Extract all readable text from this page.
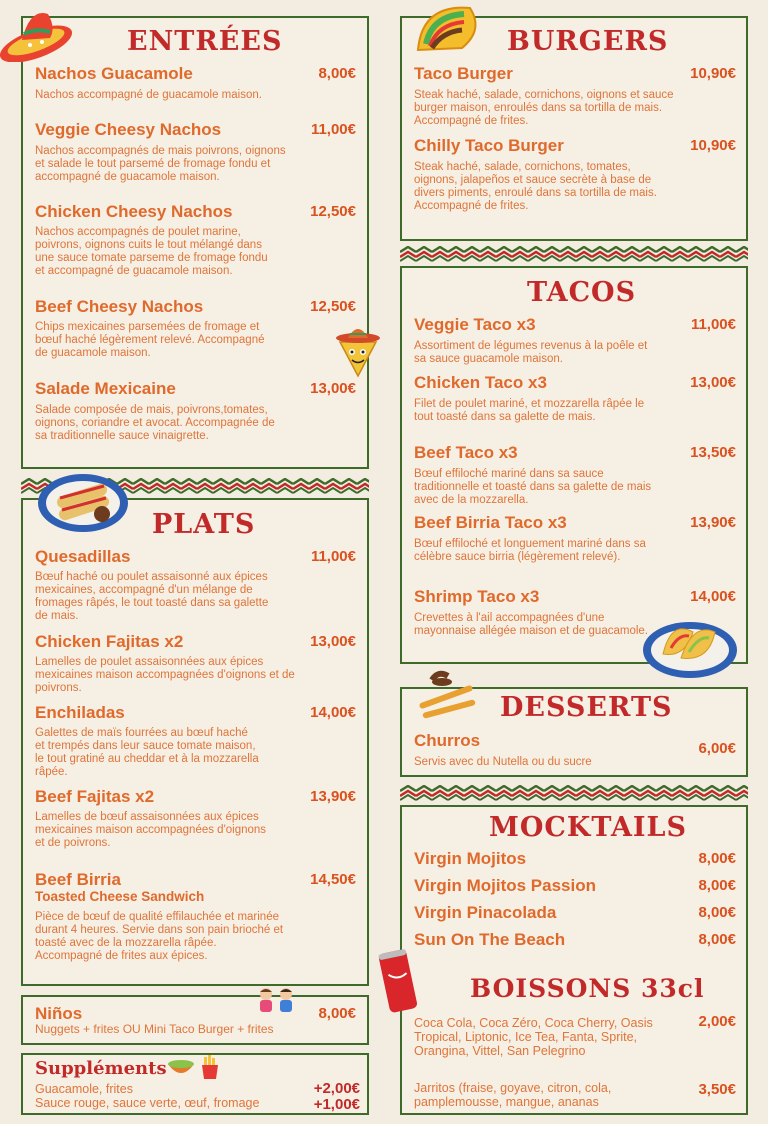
ENTRÉES
Nachos Guacamole	8,00€
Nachos accompagné de guacamole maison.
Veggie Cheesy Nachos	11,00€
Nachos accompagnés de mais poivrons, oignons et salade le tout parsemé de fromage fondu et accompagné de guacamole maison.
Chicken Cheesy Nachos	12,50€
Nachos accompagnés de poulet marine, poivrons, oignons cuits le tout mélangé dans une sauce tomate parseme de fromage fondu et accompagné de guacamole maison.
Beef Cheesy Nachos	12,50€
Chips mexicaines parsemées de fromage et bœuf haché légèrement relevé. Accompagné de guacamole maison.
Salade Mexicaine	13,00€
Salade composée de mais, poivrons,tomates, oignons, coriandre et avocat. Accompagnée de sa traditionnelle sauce vinaigrette.
PLATS
Quesadillas	11,00€
Bœuf haché ou poulet assaisonné aux épices mexicaines, accompagné d'un mélange de fromages râpés, le tout toasté dans sa galette de mais.
Chicken Fajitas x2	13,00€
Lamelles de poulet assaisonnées aux épices mexicaines maison accompagnées d'oignons et de poivrons.
Enchiladas	14,00€
Galettes de maïs fourrées au bœuf haché et trempés dans leur sauce tomate maison, le tout gratiné au cheddar et à la mozzarella râpée.
Beef Fajitas x2	13,90€
Lamelles de bœuf assaisonnées aux épices mexicaines maison accompagnées d'oignons et de poivrons.
Beef Birria
Toasted Cheese Sandwich
14,50€
Pièce de bœuf de qualité effilauchée et marinée durant 4 heures. Servie dans son pain brioché et toasté avec de la mozzarella râpée. Accompagné de frites aux épices.
Niños	8,00€
Nuggets + frites OU Mini Taco Burger + frites
Suppléments
Guacamole, frites	+2,00€
Sauce rouge, sauce verte, œuf, fromage	+1,00€
BURGERS
Taco Burger	10,90€
Steak haché, salade, cornichons, oignons et sauce burger maison, enroulés dans sa tortilla de mais. Accompagné de frites.
Chilly Taco Burger	10,90€
Steak haché, salade, cornichons, tomates, oignons, jalapeños et sauce secrète à base de divers piments, enroulé dans sa tortilla de mais. Accompagné de frites.
TACOS
Veggie Taco x3	11,00€
Assortiment de légumes revenus à la poêle et sa sauce guacamole maison.
Chicken Taco x3	13,00€
Filet de poulet mariné, et mozzarella râpée le tout toasté dans sa galette de mais.
Beef Taco x3	13,50€
Bœuf effiloché mariné dans sa sauce traditionnelle et toasté dans sa galette de mais avec de la mozzarella.
Beef Birria Taco x3	13,90€
Bœuf effiloché et longuement mariné dans sa célèbre sauce birria (légèrement relevé).
Shrimp Taco x3	14,00€
Crevettes à l'ail accompagnées d'une mayonnaise allégée maison et de guacamole.
DESSERTS
Churros	6,00€
Servis avec du Nutella ou du sucre
MOCKTAILS
Virgin Mojitos	8,00€
Virgin Mojitos Passion	8,00€
Virgin Pinacolada	8,00€
Sun On The Beach	8,00€
BOISSONS 33cl
Coca Cola, Coca Zéro, Coca Cherry, Oasis Tropical, Liptonic, Ice Tea, Fanta, Sprite, Orangina, Vittel, San Pelegrino
2,00€
Jarritos (fraise, goyave, citron, cola, pamplemousse, mangue, ananas
3,50€
